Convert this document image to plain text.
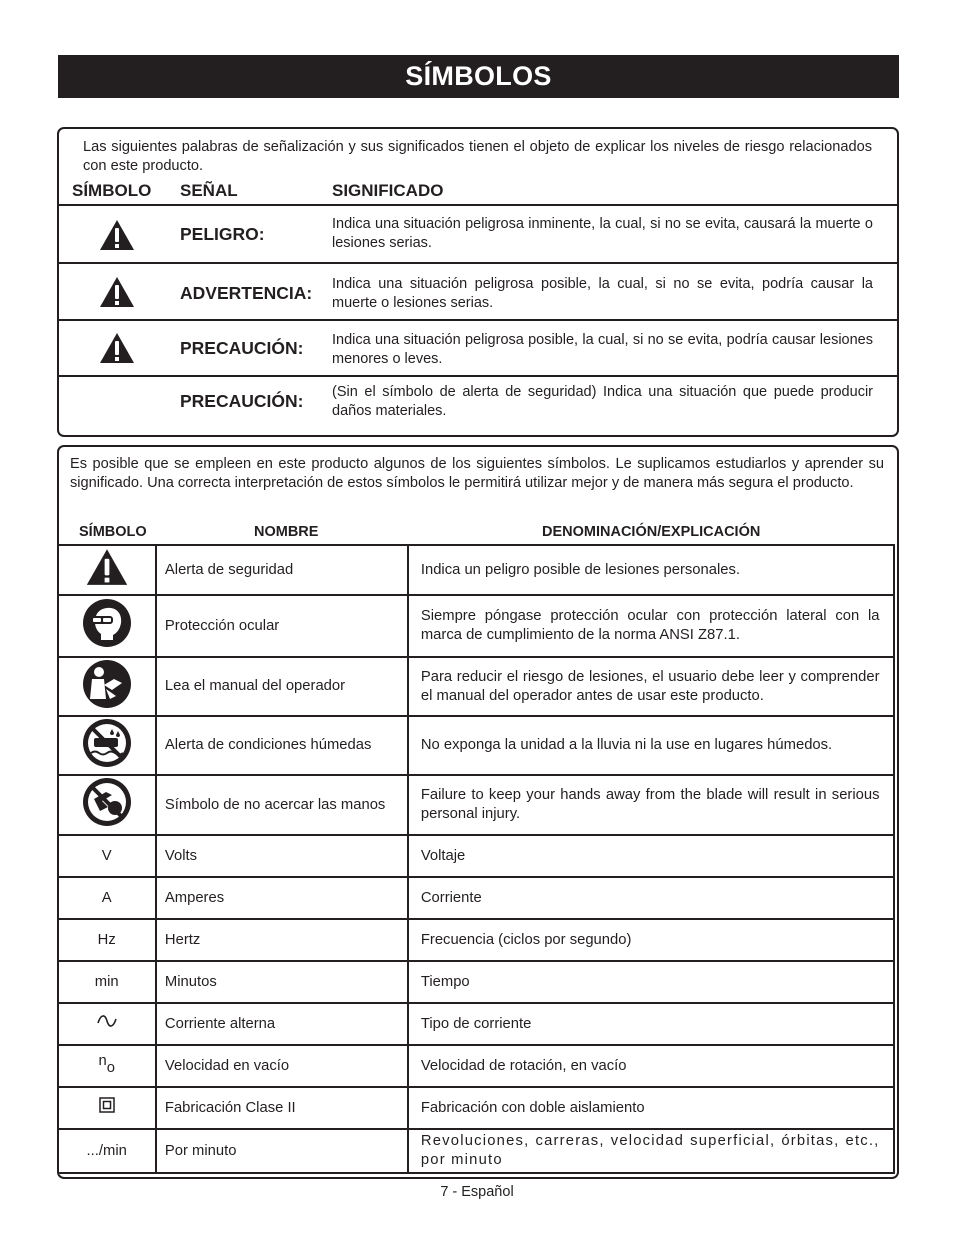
SÍMBOLOS
Las siguientes palabras de señalización y sus significados tienen el objeto de explicar los niveles de riesgo relacionados con este producto.
SÍMBOLO SEÑAL	SIGNIFICADO
PELIGRO:	Indica una situación peligrosa inminente, la cual, si no se evita, causará la muerte o lesiones serias.
ADVERTENCIA: Indica una situación peligrosa posible, la cual, si no se evita, podría causar la muerte o lesiones serias.
PRECAUCIÓN: Indica una situación peligrosa posible, la cual, si no se evita, podría causar lesiones menores o leves.
PRECAUCIÓN: (Sin el símbolo de alerta de seguridad) Indica una situación que puede producir daños materiales.
Es posible que se empleen en este producto algunos de los siguientes símbolos. Le suplicamos estudiarlos y aprender su significado. Una correcta interpretación de estos símbolos le permitirá utilizar mejor y de manera más segura el producto.
SÍMBOLO	NOMBRE	DENOMINACIÓN/EXPLICACIÓN
	Alerta de seguridad	Indica un peligro posible de lesiones personales.
	Protección ocular	Siempre póngase protección ocular con protección lateral con la marca de cumplimiento de la norma ANSI Z87.1.
	Lea el manual del operador	Para reducir el riesgo de lesiones, el usuario debe leer y comprender el manual del operador antes de usar este producto.
	Alerta de condiciones húmedas	No exponga la unidad a la lluvia ni la use en lugares húmedos.
	Símbolo de no acercar las manos	Failure to keep your hands away from the blade will result in serious personal injury.
V	Volts	Voltaje
A	Amperes	Corriente
Hz	Hertz	Frecuencia (ciclos por segundo)
min	Minutos	Tiempo
	Corriente alterna	Tipo de corriente
no	Velocidad en vacío	Velocidad de rotación, en vacío
	Fabricación Clase II	Fabricación con doble aislamiento
.../min	Por minuto	Revoluciones, carreras, velocidad superficial, órbitas, etc., por minuto
7 - Español
